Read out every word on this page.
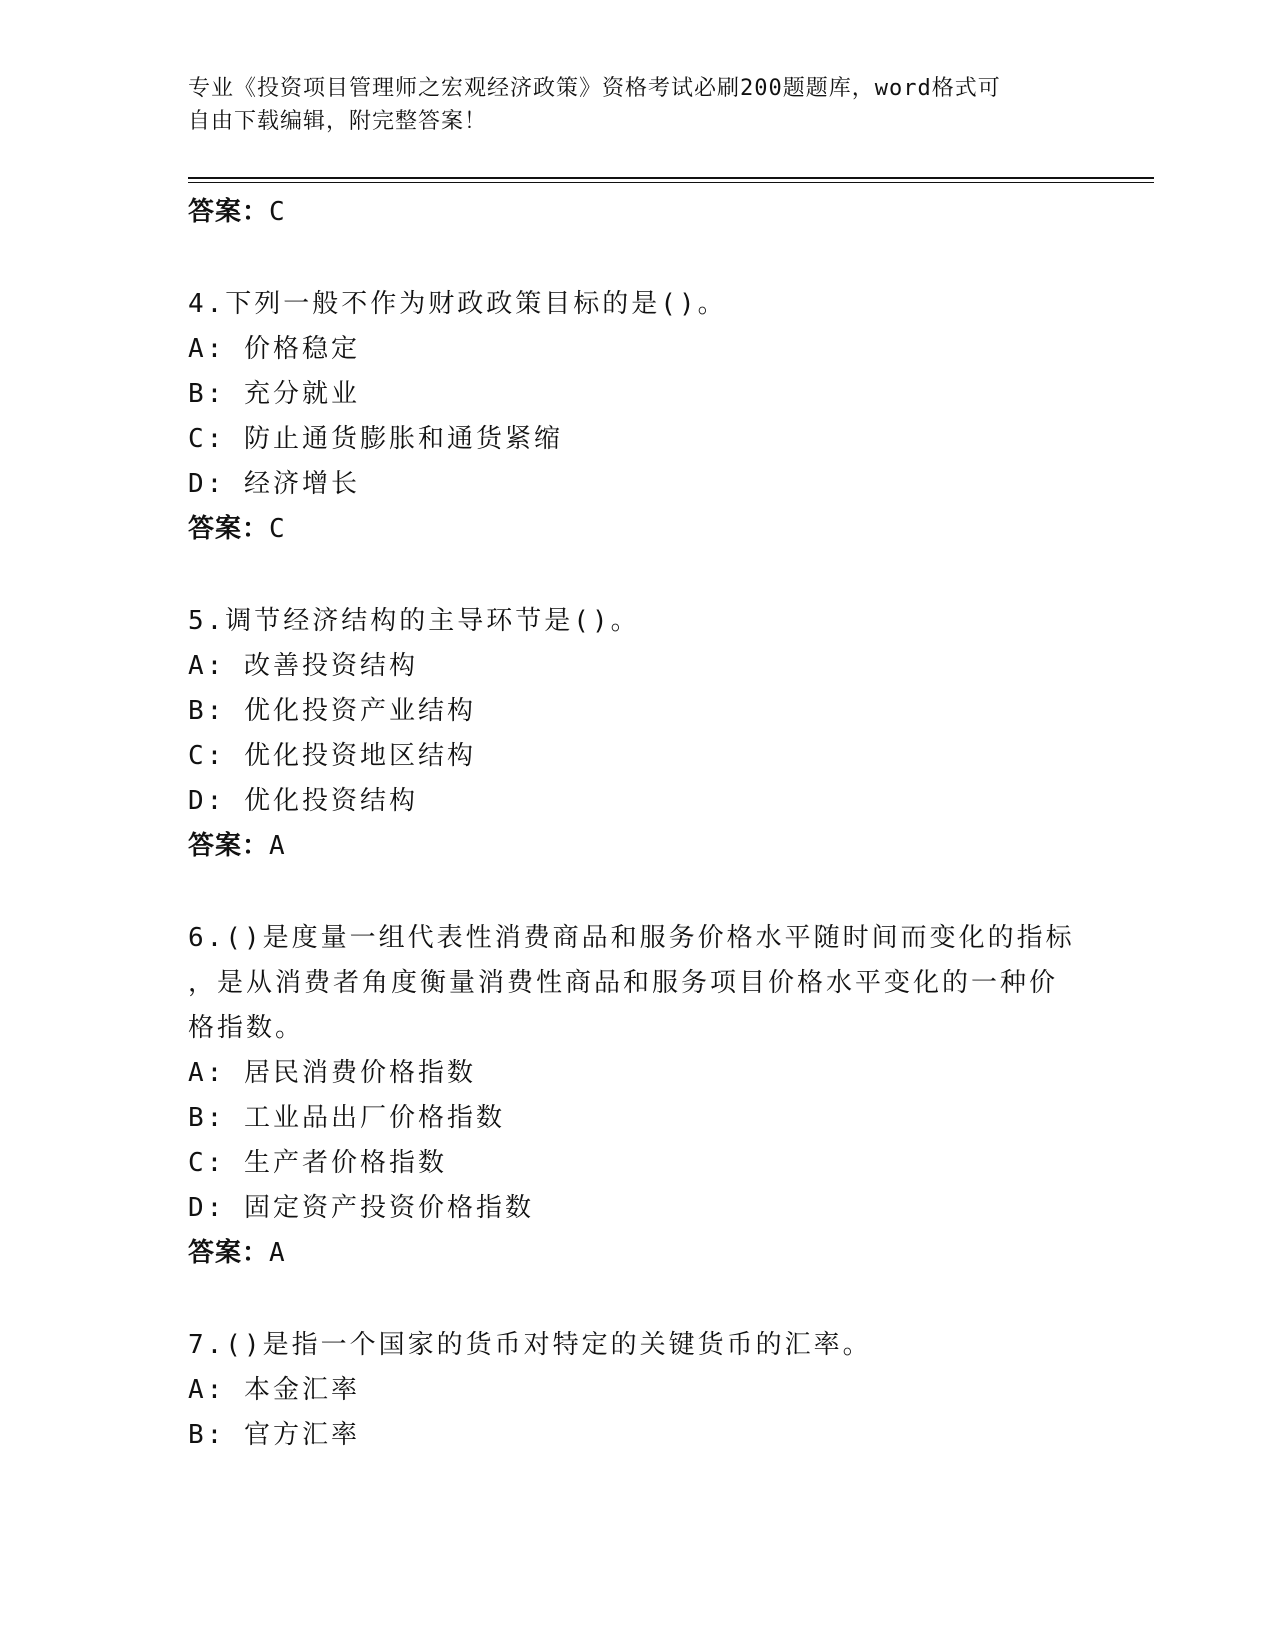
专业《投资项目管理师之宏观经济政策》资格考试必刷200题题库，word格式可
自由下载编辑，附完整答案！
答案：C
4.下列一般不作为财政政策目标的是()。
A: 价格稳定
B: 充分就业
C: 防止通货膨胀和通货紧缩
D: 经济增长
答案：C
5.调节经济结构的主导环节是()。
A: 改善投资结构
B: 优化投资产业结构
C: 优化投资地区结构
D: 优化投资结构
答案：A
6.()是度量一组代表性消费商品和服务价格水平随时间而变化的指标
，是从消费者角度衡量消费性商品和服务项目价格水平变化的一种价
格指数。
A: 居民消费价格指数
B: 工业品出厂价格指数
C: 生产者价格指数
D: 固定资产投资价格指数
答案：A
7.()是指一个国家的货币对特定的关键货币的汇率。
A: 本金汇率
B: 官方汇率
